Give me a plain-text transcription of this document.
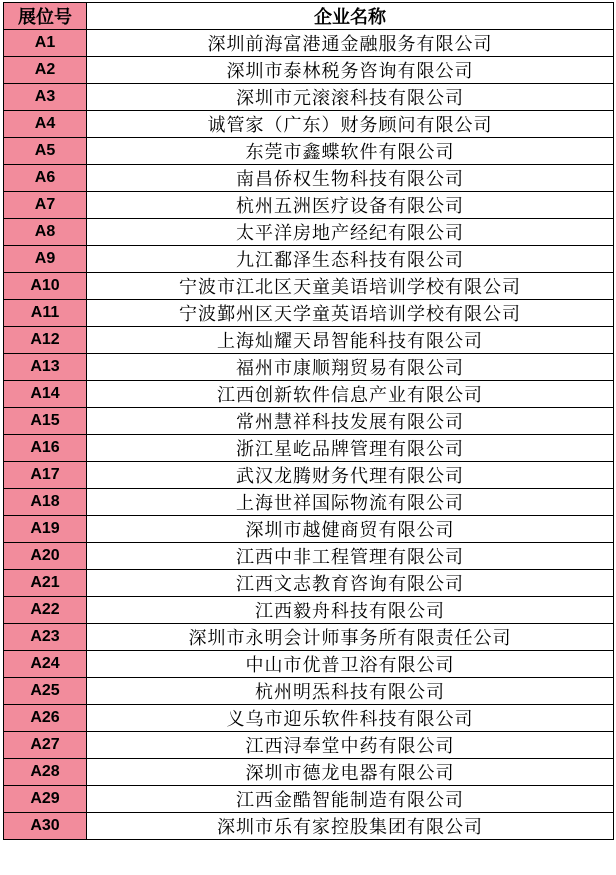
展位号	企业名称
A1	深圳前海富港通金融服务有限公司
A2	深圳市泰林税务咨询有限公司
A3	深圳市元滚滚科技有限公司
A4	诚管家（广东）财务顾问有限公司
A5	东莞市鑫蝶软件有限公司
A6	南昌侨权生物科技有限公司
A7	杭州五洲医疗设备有限公司
A8	太平洋房地产经纪有限公司
A9	九江鄱泽生态科技有限公司
A10	宁波市江北区天童美语培训学校有限公司
A11	宁波鄞州区天学童英语培训学校有限公司
A12	上海灿耀天昂智能科技有限公司
A13	福州市康顺翔贸易有限公司
A14	江西创新软件信息产业有限公司
A15	常州慧祥科技发展有限公司
A16	浙江星屹品牌管理有限公司
A17	武汉龙腾财务代理有限公司
A18	上海世祥国际物流有限公司
A19	深圳市越健商贸有限公司
A20	江西中非工程管理有限公司
A21	江西文志教育咨询有限公司
A22	江西毅舟科技有限公司
A23	深圳市永明会计师事务所有限责任公司
A24	中山市优普卫浴有限公司
A25	杭州明炁科技有限公司
A26	义乌市迎乐软件科技有限公司
A27	江西浔奉堂中药有限公司
A28	深圳市德龙电器有限公司
A29	江西金酷智能制造有限公司
A30	深圳市乐有家控股集团有限公司
